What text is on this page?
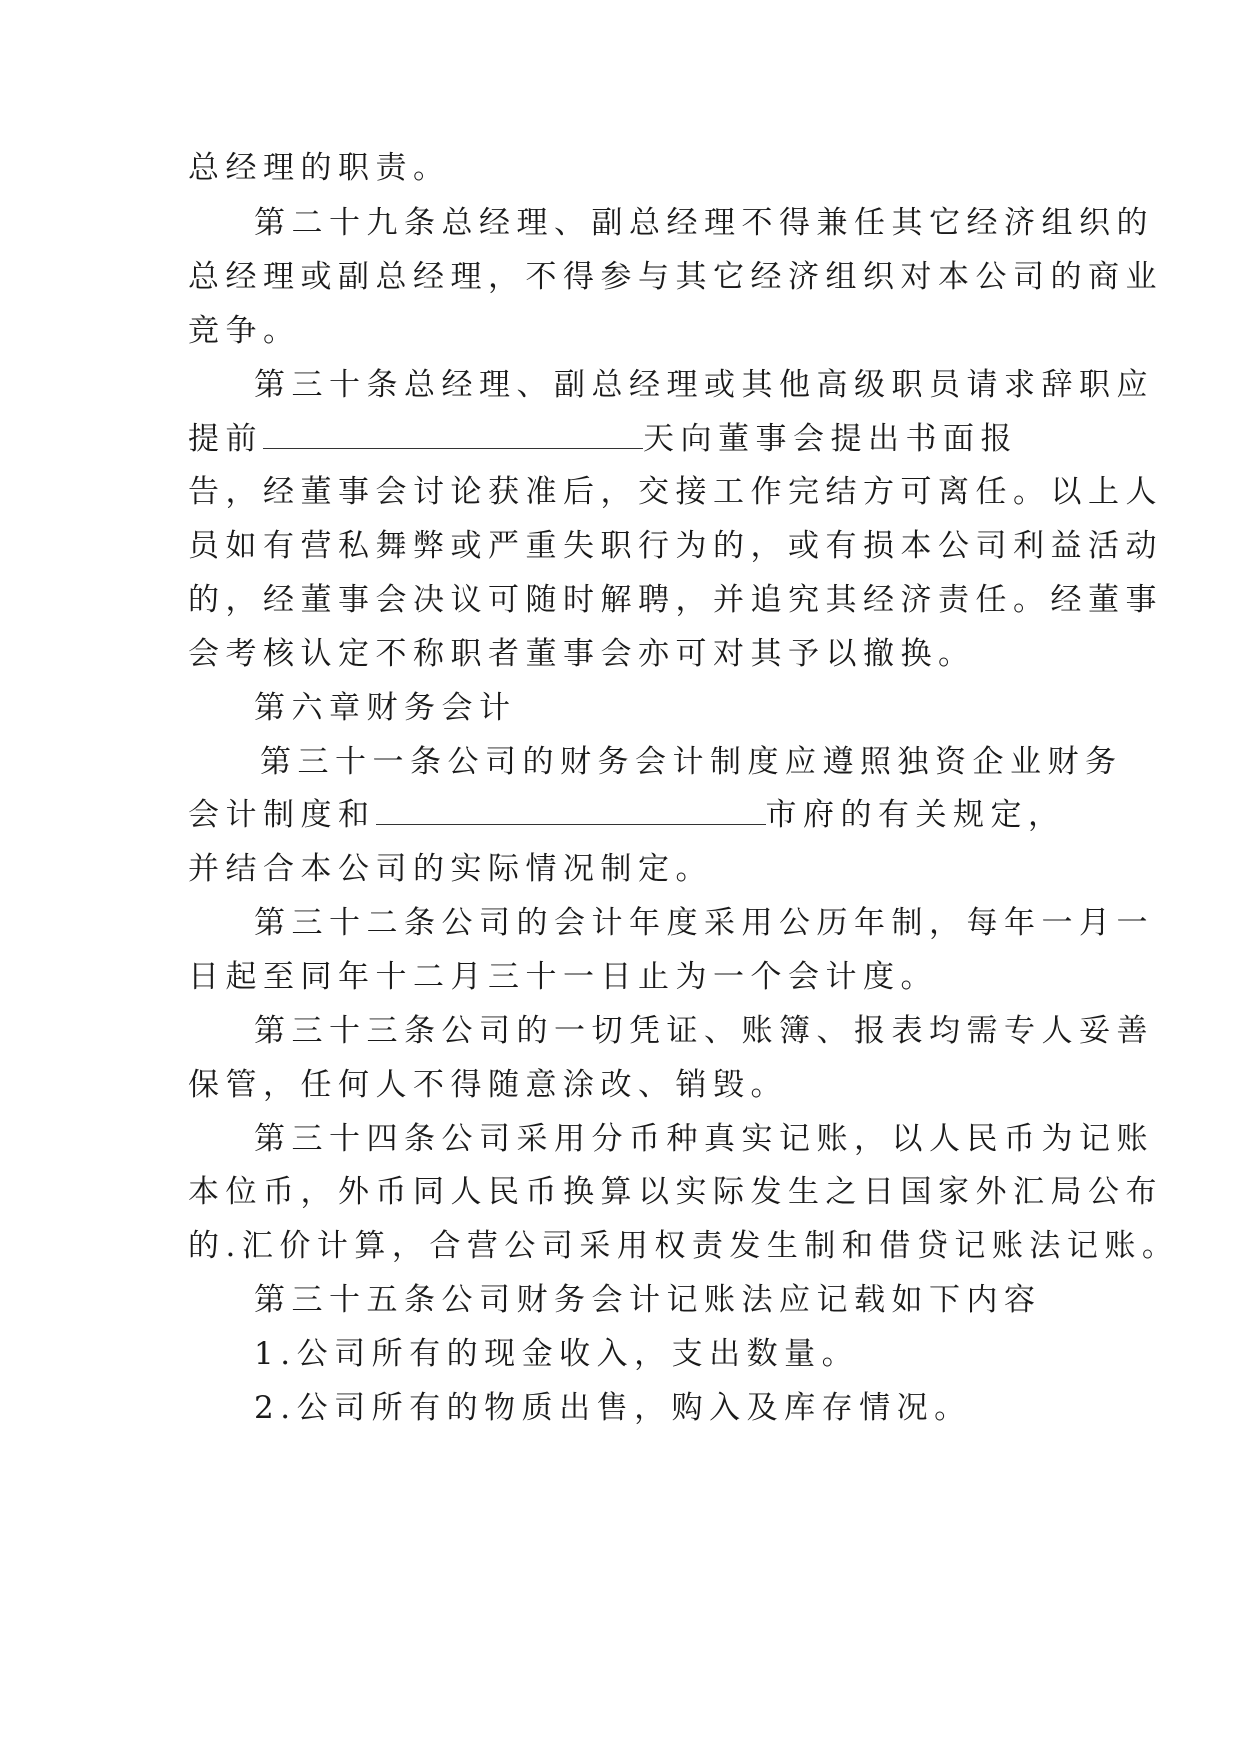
总经理的职责。
第二十九条总经理、副总经理不得兼任其它经济组织的
总经理或副总经理，不得参与其它经济组织对本公司的商业
竞争。
第三十条总经理、副总经理或其他高级职员请求辞职应
提前	天向董事会提出书面报
告，经董事会讨论获准后，交接工作完结方可离任。以上人
员如有营私舞弊或严重失职行为的，或有损本公司利益活动
的，经董事会决议可随时解聘，并追究其经济责任。经董事
会考核认定不称职者董事会亦可对其予以撤换。
第六章财务会计
第三十一条公司的财务会计制度应遵照独资企业财务
会计制度和	市府的有关规定，
并结合本公司的实际情况制定。
第三十二条公司的会计年度采用公历年制，每年一月一
日起至同年十二月三十一日止为一个会计度。
第三十三条公司的一切凭证、账簿、报表均需专人妥善
保管，任何人不得随意涂改、销毁。
第三十四条公司采用分币种真实记账，以人民币为记账
本位币，外币同人民币换算以实际发生之日国家外汇局公布
的.汇价计算，合营公司采用权责发生制和借贷记账法记账。
第三十五条公司财务会计记账法应记载如下内容
1.公司所有的现金收入，支出数量。
2.公司所有的物质出售，购入及库存情况。
